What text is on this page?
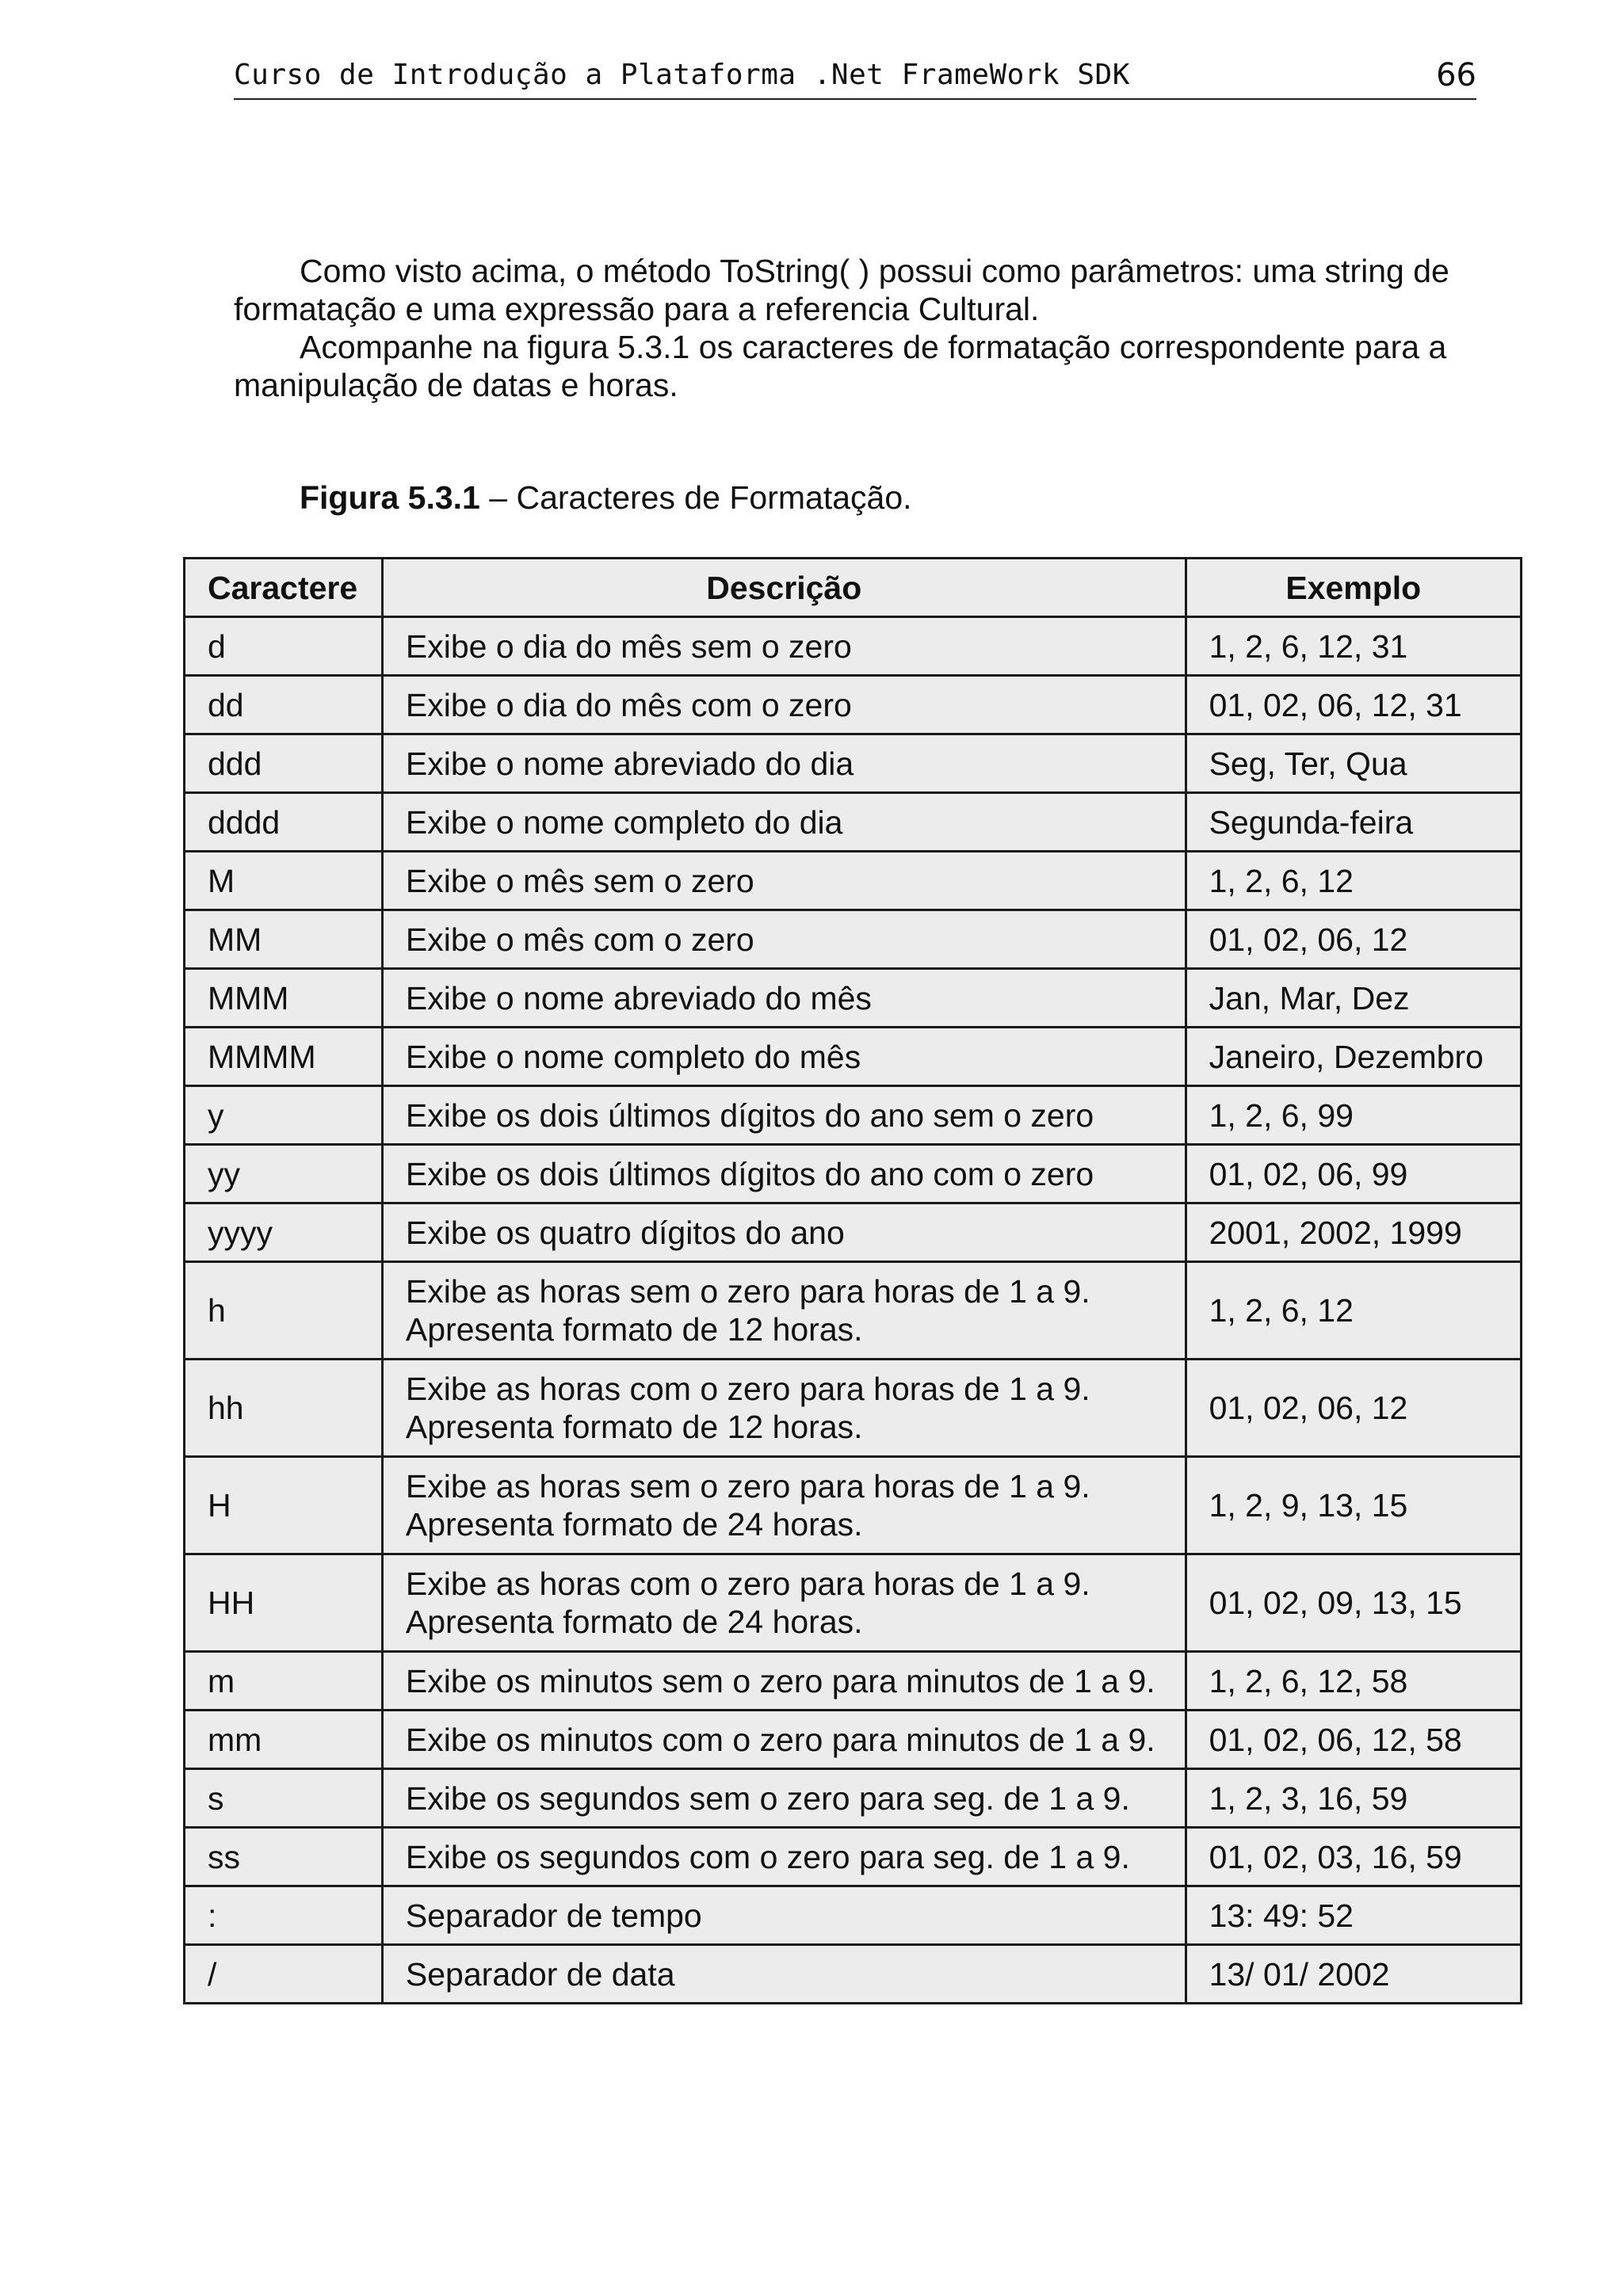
Curso de Introdução a Plataforma .Net FrameWork SDK	66

Como visto acima, o método ToString( ) possui como parâmetros: uma string de formatação e uma expressão para a referencia Cultural.

Acompanhe na figura 5.3.1 os caracteres de formatação correspondente para a manipulação de datas e horas.

Figura 5.3.1 – Caracteres de Formatação.
Caractere	Descrição	Exemplo
d	Exibe o dia do mês sem o zero	1, 2, 6, 12, 31
dd	Exibe o dia do mês com o zero	01, 02, 06, 12, 31
ddd	Exibe o nome abreviado do dia	Seg, Ter, Qua
dddd	Exibe o nome completo do dia	Segunda-feira
M	Exibe o mês sem o zero	1, 2, 6, 12
MM	Exibe o mês com o zero	01, 02, 06, 12
MMM	Exibe o nome abreviado do mês	Jan, Mar, Dez
MMMM	Exibe o nome completo do mês	Janeiro, Dezembro
y	Exibe os dois últimos dígitos do ano sem o zero	1, 2, 6, 99
yy	Exibe os dois últimos dígitos do ano com o zero	01, 02, 06, 99
yyyy	Exibe os quatro dígitos do ano	2001, 2002, 1999
h	Exibe as horas sem o zero para horas de 1 a 9.
Apresenta formato de 12 horas.	1, 2, 6, 12
hh	Exibe as horas com o zero para horas de 1 a 9.
Apresenta formato de 12 horas.	01, 02, 06, 12
H	Exibe as horas sem o zero para horas de 1 a 9.
Apresenta formato de 24 horas.	1, 2, 9, 13, 15
HH	Exibe as horas com o zero para horas de 1 a 9.
Apresenta formato de 24 horas.	01, 02, 09, 13, 15
m	Exibe os minutos sem o zero para minutos de 1 a 9.	1, 2, 6, 12, 58
mm	Exibe os minutos com o zero para minutos de 1 a 9.	01, 02, 06, 12, 58
s	Exibe os segundos sem o zero para seg. de 1 a 9.	1, 2, 3, 16, 59
ss	Exibe os segundos com o zero para seg. de 1 a 9.	01, 02, 03, 16, 59
:	Separador de tempo	13: 49: 52
/	Separador de data	13/ 01/ 2002
